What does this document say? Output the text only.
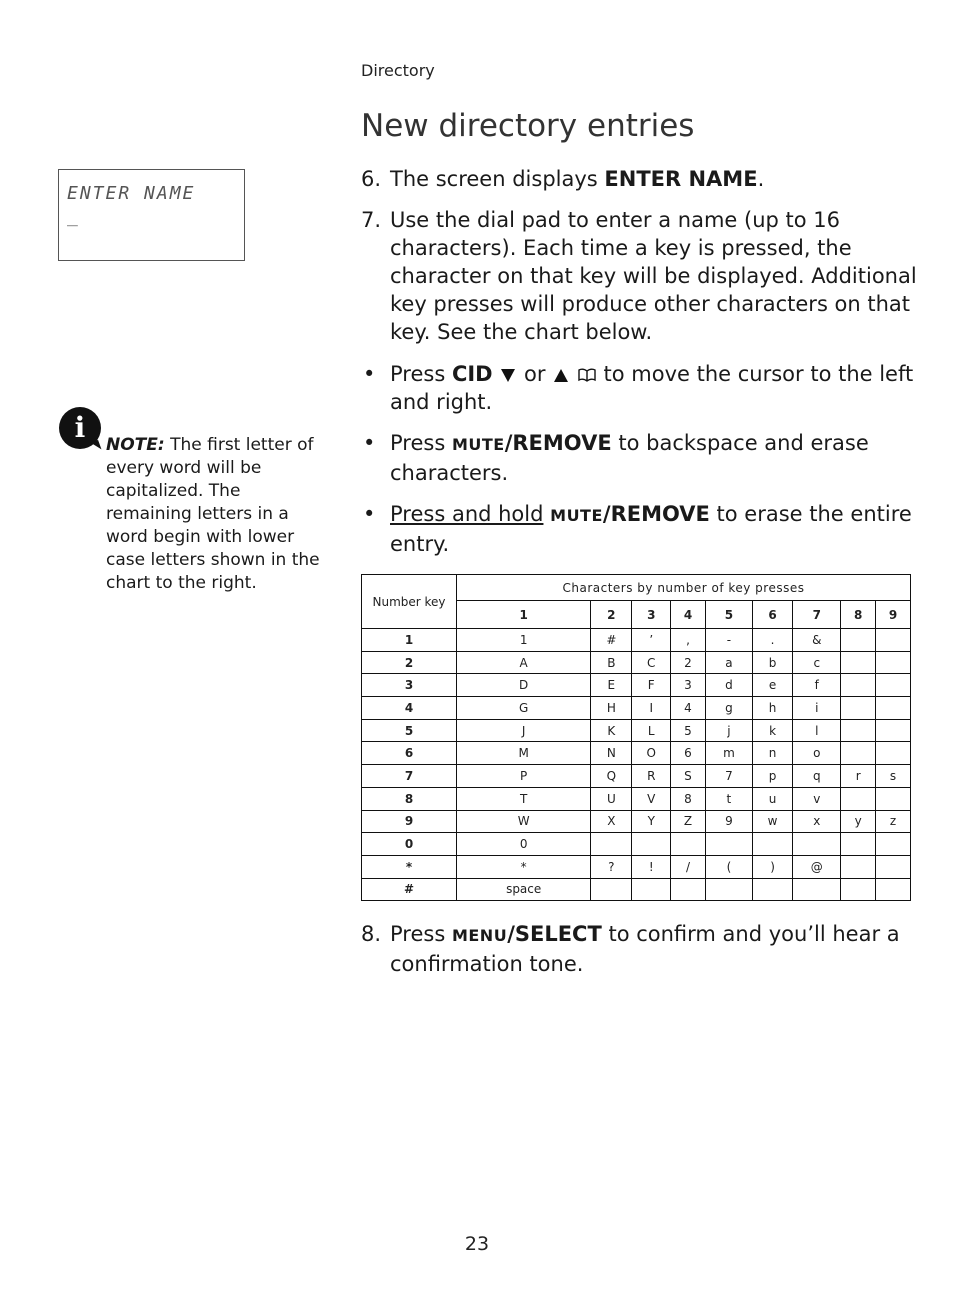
Directory
New directory entries
ENTER NAME
_
i
NOTE: The first letter of every word will be capitalized. The remaining letters in a word begin with lower case letters shown in the chart to the right.
6. The screen displays ENTER NAME.
7. Use the dial pad to enter a name (up to 16 characters). Each time a key is pressed, the character on that key will be displayed. Additional key presses will produce other characters on that key. See the chart below.
• Press CID  or   to move the cursor to the left and right.
• Press MUTE/REMOVE to backspace and erase characters.
• Press and hold MUTE/REMOVE to erase the entire entry.
Number key	Characters by number of key presses								
	1	2	3	4	5	6	7	8	9
1	1	#	’	,	-	.	&		
2	A	B	C	2	a	b	c		
3	D	E	F	3	d	e	f		
4	G	H	I	4	g	h	i		
5	J	K	L	5	j	k	l		
6	M	N	O	6	m	n	o		
7	P	Q	R	S	7	p	q	r	s
8	T	U	V	8	t	u	v		
9	W	X	Y	Z	9	w	x	y	z
0	0								
*	*	?	!	/	(	)	@		
#	space								
8. Press MENU/SELECT to confirm and you’ll hear a confirmation tone.
23
